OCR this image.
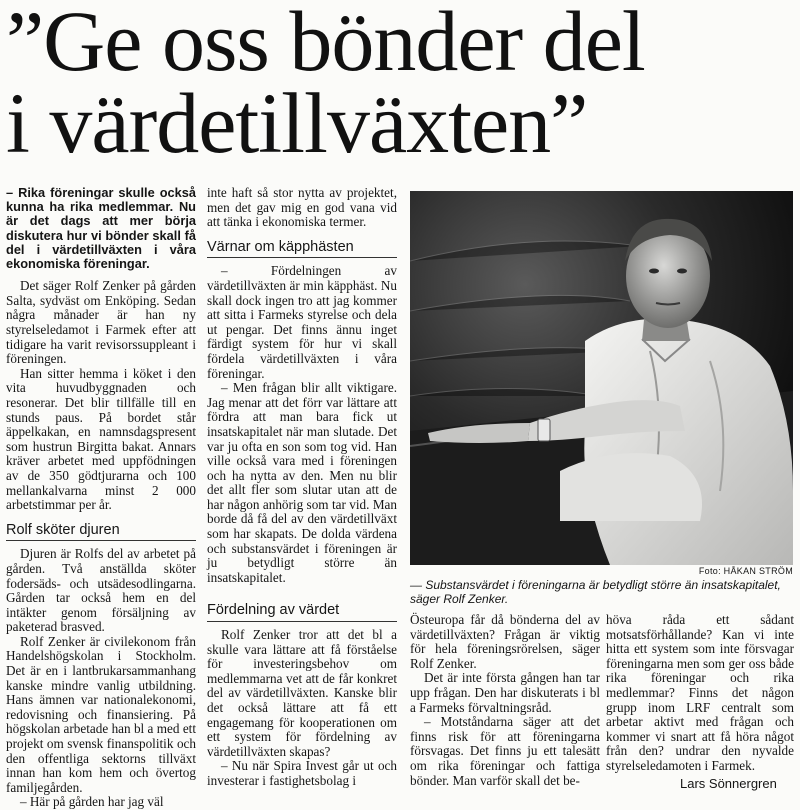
”Ge oss bönder del
i värdetillväxten”

– Rika föreningar skulle också kunna ha rika medlemmar. Nu är det dags att mer börja diskutera hur vi bönder skall få del i värdetillväxten i våra ekonomiska föreningar.

Det säger Rolf Zenker på gården Salta, sydväst om Enköping. Sedan några månader är han ny styrelseledamot i Farmek efter att tidigare ha varit revisorssuppleant i föreningen.

Han sitter hemma i köket i den vita huvudbyggnaden och resonerar. Det blir tillfälle till en stunds paus. På bordet står äppelkakan, en namnsdagspresent som hustrun Birgitta bakat. Annars kräver arbetet med uppfödningen av de 350 gödtjurarna och 100 mellankalvarna minst 2 000 arbetstimmar per år.

Rolf sköter djuren

Djuren är Rolfs del av arbetet på gården. Två anställda sköter fodersäds- och utsädesodlingarna. Gården tar också hem en del intäkter genom försäljning av paketerad brasved.

Rolf Zenker är civilekonom från Handelshögskolan i Stockholm. Det är en i lantbrukarsammanhang kanske mindre vanlig utbildning. Hans ämnen var nationalekonomi, redovisning och finansiering. På högskolan arbetade han bl a med ett projekt om svensk finanspolitik och den offentliga sektorns tillväxt innan han kom hem och övertog familjegården.

– Här på gården har jag väl

inte haft så stor nytta av projektet, men det gav mig en god vana vid att tänka i ekonomiska termer.

Värnar om käpphästen

– Fördelningen av värdetillväxten är min käpphäst. Nu skall dock ingen tro att jag kommer att sitta i Farmeks styrelse och dela ut pengar. Det finns ännu inget färdigt system för hur vi skall fördela värdetillväxten i våra föreningar.

– Men frågan blir allt viktigare. Jag menar att det förr var lättare att fördra att man bara fick ut insatskapitalet när man slutade. Det var ju ofta en son som tog vid. Han ville också vara med i föreningen och ha nytta av den. Men nu blir det allt fler som slutar utan att de har någon anhörig som tar vid. Man borde då få del av den värdetillväxt som har skapats. De dolda värdena och substansvärdet i föreningen är ju betydligt större än insatskapitalet.

Fördelning av värdet

Rolf Zenker tror att det bl a skulle vara lättare att få förståelse för investeringsbehov om medlemmarna vet att de får konkret del av värdetillväxten. Kanske blir det också lättare att få ett engagemang för kooperationen om ett system för fördelning av värdetillväxten skapas?

– Nu när Spira Invest går ut och investerar i fastighetsbolag i

Foto: HÅKAN STRÖM
— Substansvärdet i föreningarna är betydligt större än insatskapitalet, säger Rolf Zenker.

Östeuropa får då bönderna del av värdetillväxten? Frågan är viktig för hela föreningsrörelsen, säger Rolf Zenker.

Det är inte första gången han tar upp frågan. Den har diskuterats i bl a Farmeks förvaltningsråd.

– Motståndarna säger att det finns risk för att föreningarna försvagas. Det finns ju ett talesätt om rika föreningar och fattiga bönder. Man varför skall det be-

höva råda ett sådant motsatsförhållande? Kan vi inte hitta ett system som inte försvagar föreningarna men som ger oss både rika föreningar och rika medlemmar? Finns det någon grupp inom LRF centralt som arbetar aktivt med frågan och kommer vi snart att få höra något från den? undrar den nyvalde styrelseledamoten i Farmek.

Lars Sönnergren
